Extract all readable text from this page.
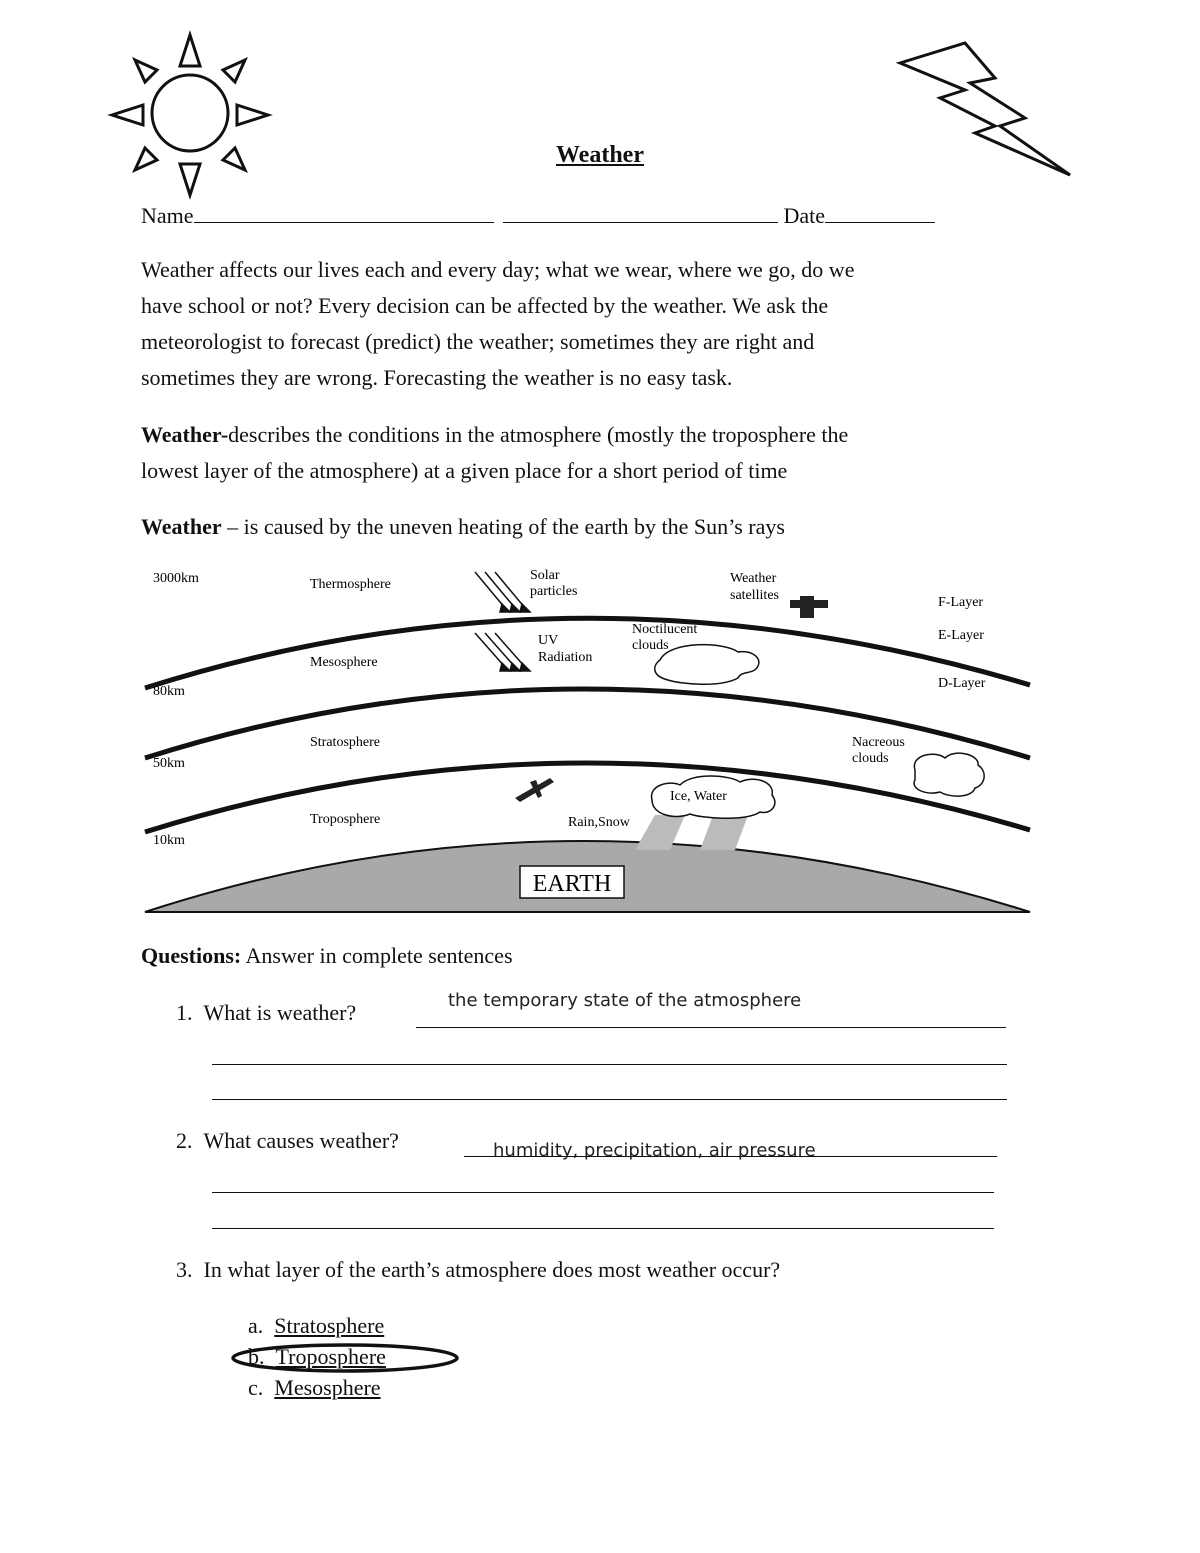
Weather
Name	Date
Weather affects our lives each and every day; what we wear, where we go, do we
have school or not? Every decision can be affected by the weather. We ask the
meteorologist to forecast (predict) the weather; sometimes they are right and
sometimes they are wrong. Forecasting the weather is no easy task.
Weather-describes the conditions in the atmosphere (mostly the troposphere the
lowest layer of the atmosphere) at a given place for a short period of time
Weather – is caused by the uneven heating of the earth by the Sun’s rays
EARTH
3000km
80km
50km
10km
Thermosphere
Mesosphere
Stratosphere
Troposphere
Solar
particles
UV
Radiation
Weather
satellites
Noctilucent
clouds
F-Layer
E-Layer
D-Layer
Nacreous
clouds
Ice, Water
Rain,Snow
Questions: Answer in complete sentences
1. What is weather?	the temporary state of the atmosphere
2. What causes weather?	humidity, precipitation, air pressure
3. In what layer of the earth’s atmosphere does most weather occur?
a. Stratosphere
b. Troposphere
c. Mesosphere
